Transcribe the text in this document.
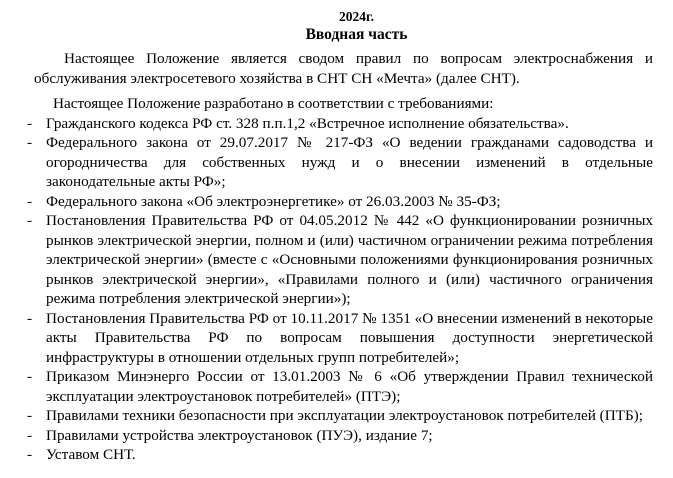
2024г.

Вводная часть

Настоящее Положение является сводом правил по вопросам электроснабжения и обслуживания электросетевого хозяйства в СНТ СН «Мечта» (далее СНТ).

Настоящее Положение разработано в соответствии с требованиями:

- Гражданского кодекса РФ ст. 328 п.п.1,2 «Встречное исполнение обязательства».
- Федерального закона от 29.07.2017 № 217-ФЗ «О ведении гражданами садоводства и огородничества для собственных нужд и о внесении изменений в отдельные законодательные акты РФ»;
- Федерального закона «Об электроэнергетике» от 26.03.2003 № 35-ФЗ;
- Постановления Правительства РФ от 04.05.2012 № 442 «О функционировании розничных рынков электрической энергии, полном и (или) частичном ограничении режима потребления электрической энергии» (вместе с «Основными положениями функционирования розничных рынков электрической энергии», «Правилами полного и (или) частичного ограничения режима потребления электрической энергии»);
- Постановления Правительства РФ от 10.11.2017 № 1351 «О внесении изменений в некоторые акты Правительства РФ по вопросам повышения доступности энергетической инфраструктуры в отношении отдельных групп потребителей»;
- Приказом Минэнерго России от 13.01.2003 № 6 «Об утверждении Правил технической эксплуатации электроустановок потребителей» (ПТЭ);
- Правилами техники безопасности при эксплуатации электроустановок потребителей (ПТБ);
- Правилами устройства электроустановок (ПУЭ), издание 7;
- Уставом СНТ.
